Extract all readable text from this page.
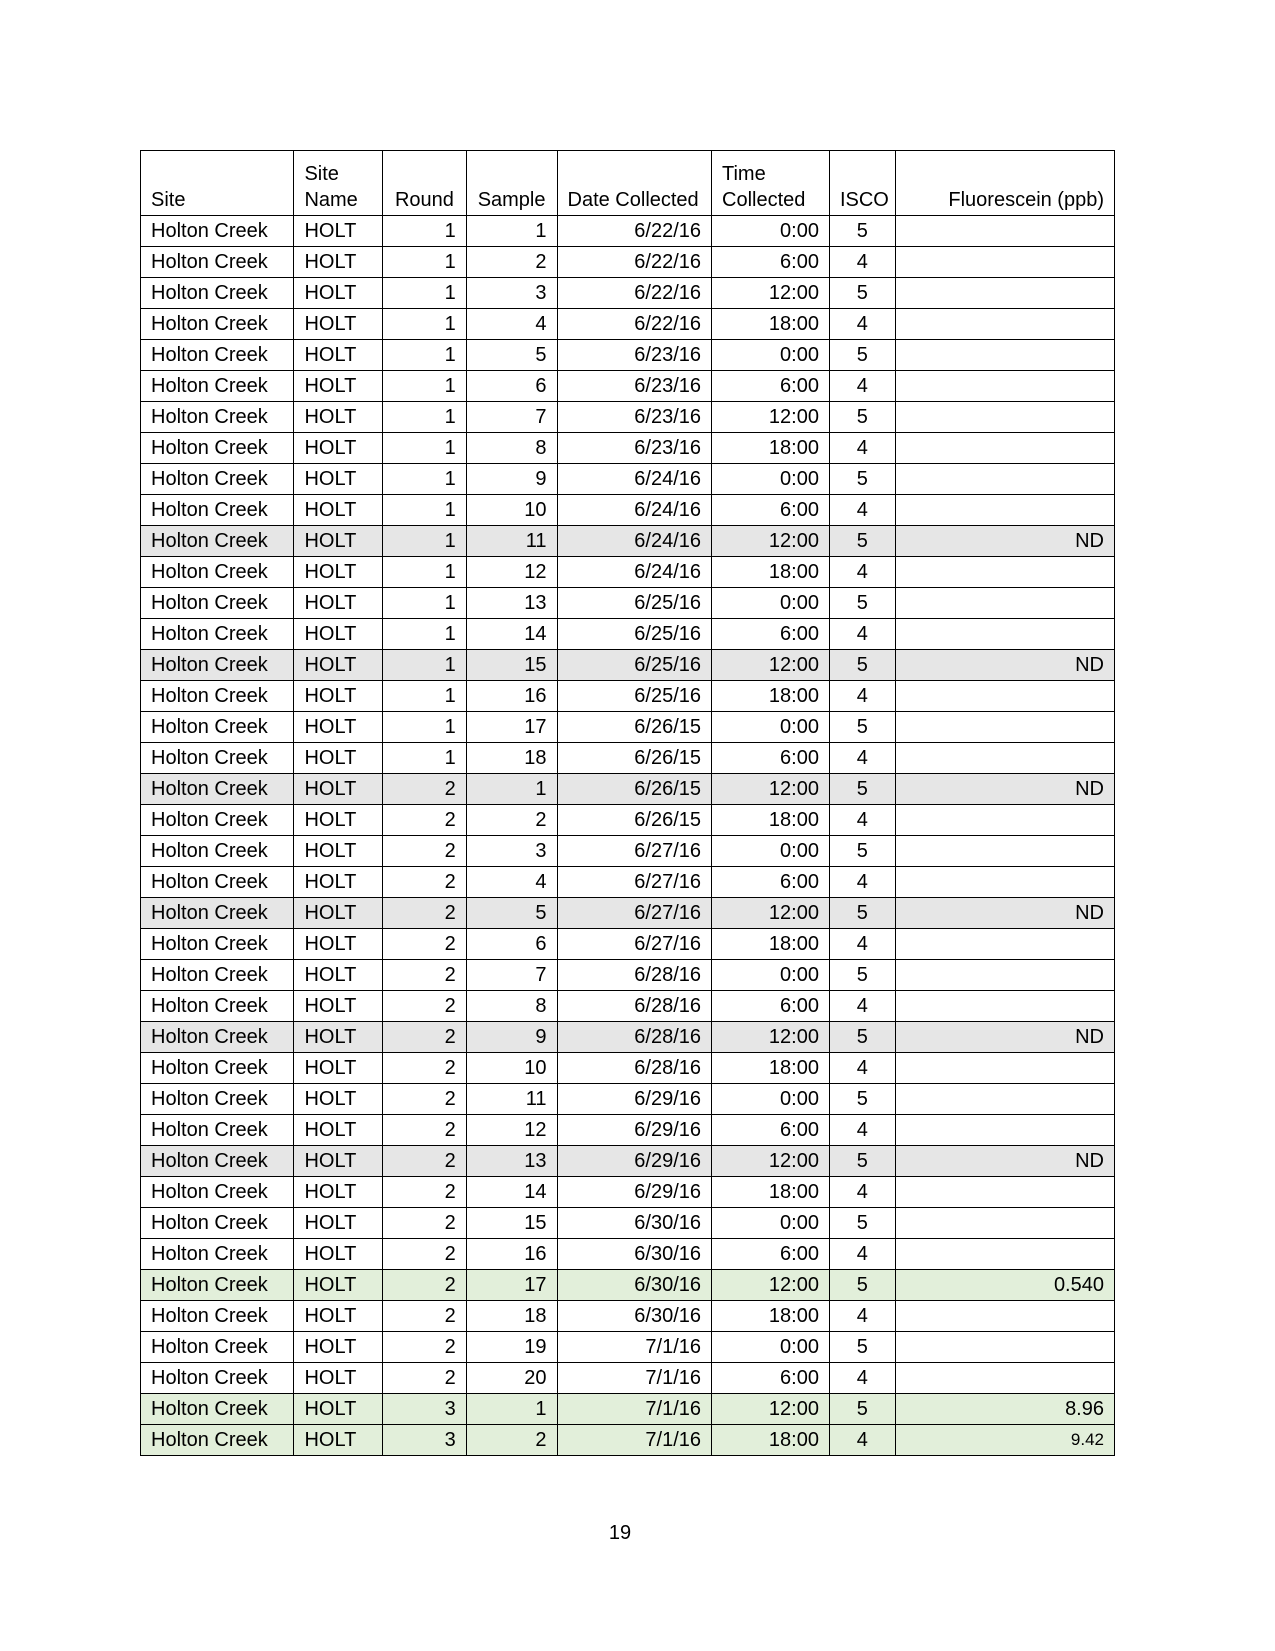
Site	Site Name	Round	Sample	Date Collected	Time Collected	ISCO	Fluorescein (ppb)
Holton Creek	HOLT	1	1	6/22/16	0:00	5	
Holton Creek	HOLT	1	2	6/22/16	6:00	4	
Holton Creek	HOLT	1	3	6/22/16	12:00	5	
Holton Creek	HOLT	1	4	6/22/16	18:00	4	
Holton Creek	HOLT	1	5	6/23/16	0:00	5	
Holton Creek	HOLT	1	6	6/23/16	6:00	4	
Holton Creek	HOLT	1	7	6/23/16	12:00	5	
Holton Creek	HOLT	1	8	6/23/16	18:00	4	
Holton Creek	HOLT	1	9	6/24/16	0:00	5	
Holton Creek	HOLT	1	10	6/24/16	6:00	4	
Holton Creek	HOLT	1	11	6/24/16	12:00	5	ND
Holton Creek	HOLT	1	12	6/24/16	18:00	4	
Holton Creek	HOLT	1	13	6/25/16	0:00	5	
Holton Creek	HOLT	1	14	6/25/16	6:00	4	
Holton Creek	HOLT	1	15	6/25/16	12:00	5	ND
Holton Creek	HOLT	1	16	6/25/16	18:00	4	
Holton Creek	HOLT	1	17	6/26/15	0:00	5	
Holton Creek	HOLT	1	18	6/26/15	6:00	4	
Holton Creek	HOLT	2	1	6/26/15	12:00	5	ND
Holton Creek	HOLT	2	2	6/26/15	18:00	4	
Holton Creek	HOLT	2	3	6/27/16	0:00	5	
Holton Creek	HOLT	2	4	6/27/16	6:00	4	
Holton Creek	HOLT	2	5	6/27/16	12:00	5	ND
Holton Creek	HOLT	2	6	6/27/16	18:00	4	
Holton Creek	HOLT	2	7	6/28/16	0:00	5	
Holton Creek	HOLT	2	8	6/28/16	6:00	4	
Holton Creek	HOLT	2	9	6/28/16	12:00	5	ND
Holton Creek	HOLT	2	10	6/28/16	18:00	4	
Holton Creek	HOLT	2	11	6/29/16	0:00	5	
Holton Creek	HOLT	2	12	6/29/16	6:00	4	
Holton Creek	HOLT	2	13	6/29/16	12:00	5	ND
Holton Creek	HOLT	2	14	6/29/16	18:00	4	
Holton Creek	HOLT	2	15	6/30/16	0:00	5	
Holton Creek	HOLT	2	16	6/30/16	6:00	4	
Holton Creek	HOLT	2	17	6/30/16	12:00	5	0.540
Holton Creek	HOLT	2	18	6/30/16	18:00	4	
Holton Creek	HOLT	2	19	7/1/16	0:00	5	
Holton Creek	HOLT	2	20	7/1/16	6:00	4	
Holton Creek	HOLT	3	1	7/1/16	12:00	5	8.96
Holton Creek	HOLT	3	2	7/1/16	18:00	4	9.42
19
